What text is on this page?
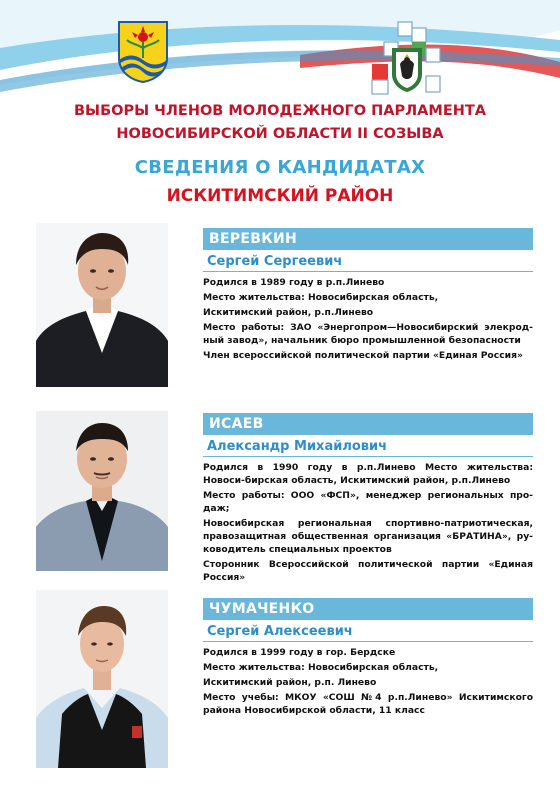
ВЫБОРЫ ЧЛЕНОВ МОЛОДЕЖНОГО ПАРЛАМЕНТА
НОВОСИБИРСКОЙ ОБЛАСТИ II СОЗЫВА
СВЕДЕНИЯ О КАНДИДАТАХ
ИСКИТИМСКИЙ РАЙОН
ВЕРЕВКИН
Сергей Сергеевич
Родился в 1989 году в р.п.Линево
Место жительства: Новосибирская область,
Искитимский район, р.п.Линево
Место работы: ЗАО «Энергопром—Новосибирский элекрод-ный завод», начальник бюро промышленной безопасности
Член всероссийской политической партии «Единая Россия»
ИСАЕВ
Александр Михайлович
Родился в 1990 году в р.п.Линево Место жительства: Новоси-бирская область, Искитимский район, р.п.Линево
Место работы: ООО «ФСП», менеджер региональных про-даж;
Новосибирская региональная спортивно-патриотическая, правозащитная общественная организация «БРАТИНА», ру-ководитель специальных проектов
Сторонник Всероссийской политической партии «Единая Россия»
ЧУМАЧЕНКО
Сергей Алексеевич
Родился в 1999 году в гор. Бердске
Место жительства: Новосибирская область,
Искитимский район, р.п. Линево
Место учебы: МКОУ «СОШ №4 р.п.Линево» Искитимского района Новосибирской области, 11 класс
